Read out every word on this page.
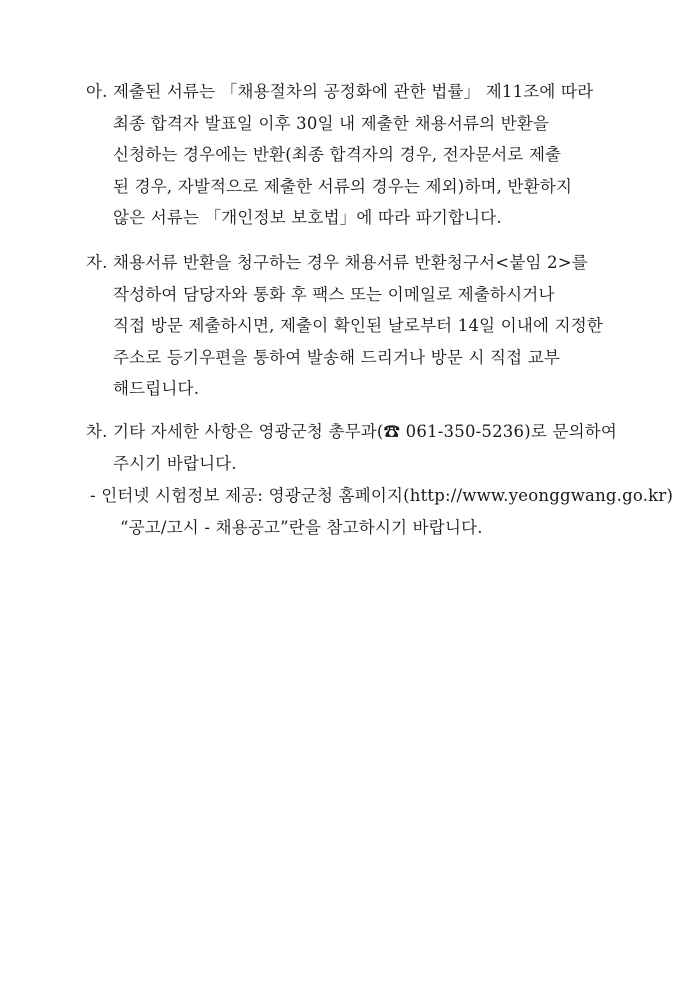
아. 제출된 서류는 「채용절차의 공정화에 관한 법률」 제11조에 따라
최종 합격자 발표일 이후 30일 내 제출한 채용서류의 반환을
신청하는 경우에는 반환(최종 합격자의 경우, 전자문서로 제출
된 경우, 자발적으로 제출한 서류의 경우는 제외)하며, 반환하지
않은 서류는 「개인정보 보호법」에 따라 파기합니다.
자. 채용서류 반환을 청구하는 경우 채용서류 반환청구서<붙임 2>를
작성하여 담당자와 통화 후 팩스 또는 이메일로 제출하시거나
직접 방문 제출하시면, 제출이 확인된 날로부터 14일 이내에 지정한
주소로 등기우편을 통하여 발송해 드리거나 방문 시 직접 교부
해드립니다.
차. 기타 자세한 사항은 영광군청 총무과(☎ 061-350-5236)로 문의하여
주시기 바랍니다.
- 인터넷 시험정보 제공: 영광군청 홈페이지(http://www.yeonggwang.go.kr)
“공고/고시 - 채용공고”란을 참고하시기 바랍니다.
